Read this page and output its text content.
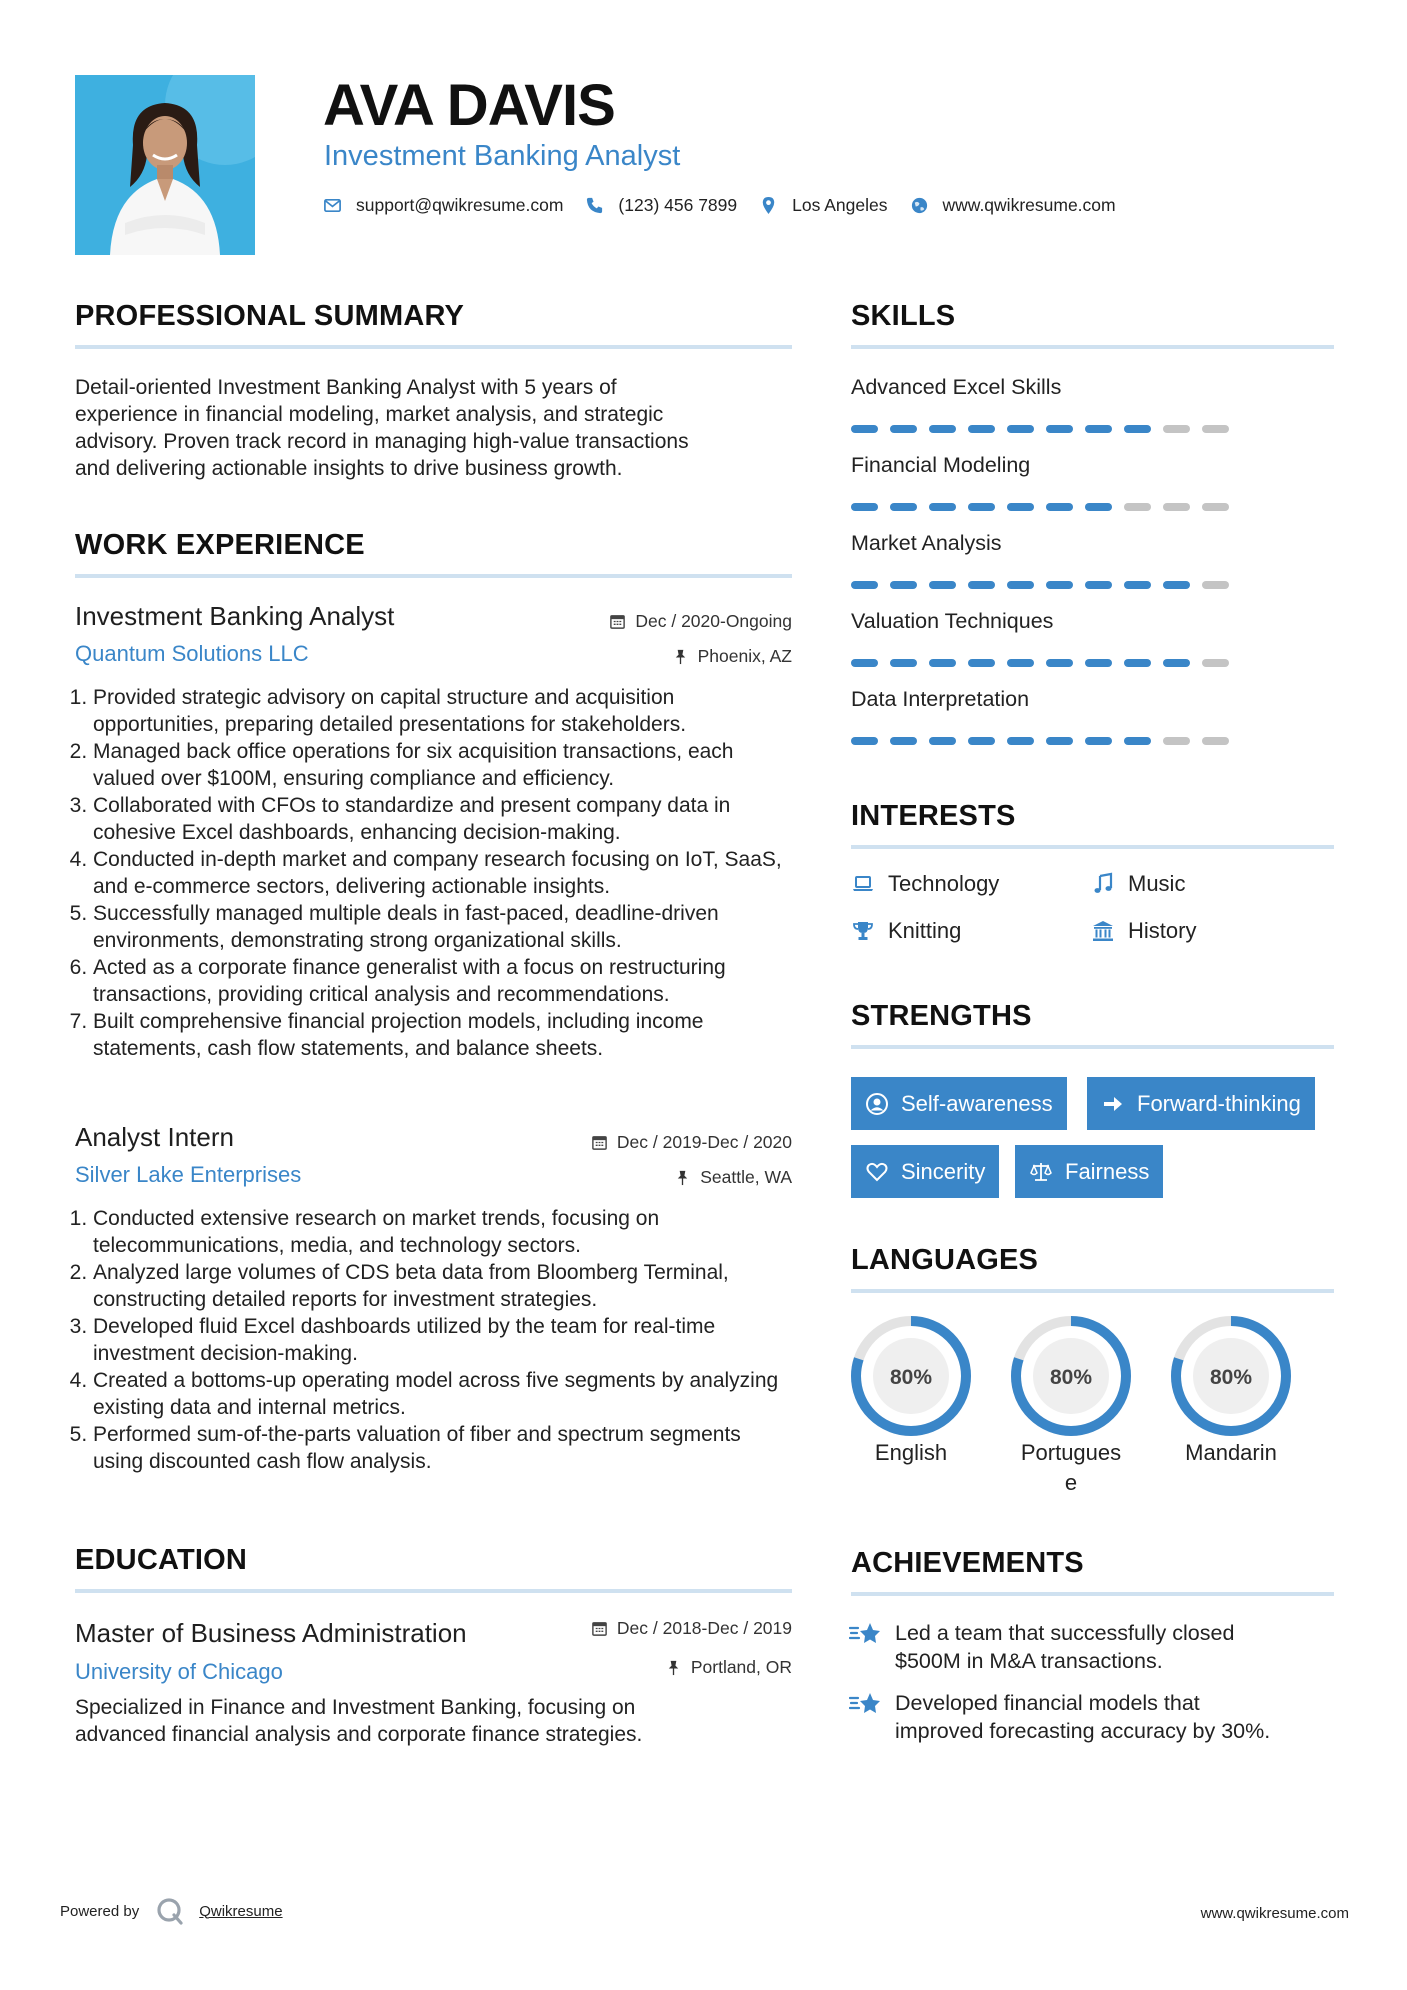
AVA DAVIS
Investment Banking Analyst
support@qwikresume.com	(123) 456 7899	Los Angeles	www.qwikresume.com
PROFESSIONAL SUMMARY
Detail-oriented Investment Banking Analyst with 5 years of
experience in financial modeling, market analysis, and strategic
advisory. Proven track record in managing high-value transactions
and delivering actionable insights to drive business growth.
WORK EXPERIENCE
Investment Banking Analyst	Dec / 2020-Ongoing
Quantum Solutions LLC	Phoenix, AZ
1. Provided strategic advisory on capital structure and acquisition opportunities, preparing detailed presentations for stakeholders.
2. Managed back office operations for six acquisition transactions, each valued over $100M, ensuring compliance and efficiency.
3. Collaborated with CFOs to standardize and present company data in cohesive Excel dashboards, enhancing decision-making.
4. Conducted in-depth market and company research focusing on IoT, SaaS, and e-commerce sectors, delivering actionable insights.
5. Successfully managed multiple deals in fast-paced, deadline-driven environments, demonstrating strong organizational skills.
6. Acted as a corporate finance generalist with a focus on restructuring transactions, providing critical analysis and recommendations.
7. Built comprehensive financial projection models, including income statements, cash flow statements, and balance sheets.
Analyst Intern	Dec / 2019-Dec / 2020
Silver Lake Enterprises	Seattle, WA
1. Conducted extensive research on market trends, focusing on telecommunications, media, and technology sectors.
2. Analyzed large volumes of CDS beta data from Bloomberg Terminal, constructing detailed reports for investment strategies.
3. Developed fluid Excel dashboards utilized by the team for real-time investment decision-making.
4. Created a bottoms-up operating model across five segments by analyzing existing data and internal metrics.
5. Performed sum-of-the-parts valuation of fiber and spectrum segments using discounted cash flow analysis.
EDUCATION
Master of Business Administration	Dec / 2018-Dec / 2019
University of Chicago	Portland, OR
Specialized in Finance and Investment Banking, focusing on
advanced financial analysis and corporate finance strategies.
SKILLS
Advanced Excel Skills
Financial Modeling
Market Analysis
Valuation Techniques
Data Interpretation
INTERESTS
Technology	Music
Knitting	History
STRENGTHS
Self-awareness	Forward-thinking
Sincerity	Fairness
LANGUAGES
80%
English
80%
Portugues
e
80%
Mandarin
ACHIEVEMENTS
Led a team that successfully closed
$500M in M&A transactions.
Developed financial models that
improved forecasting accuracy by 30%.
Powered by	Qwikresume	www.qwikresume.com
